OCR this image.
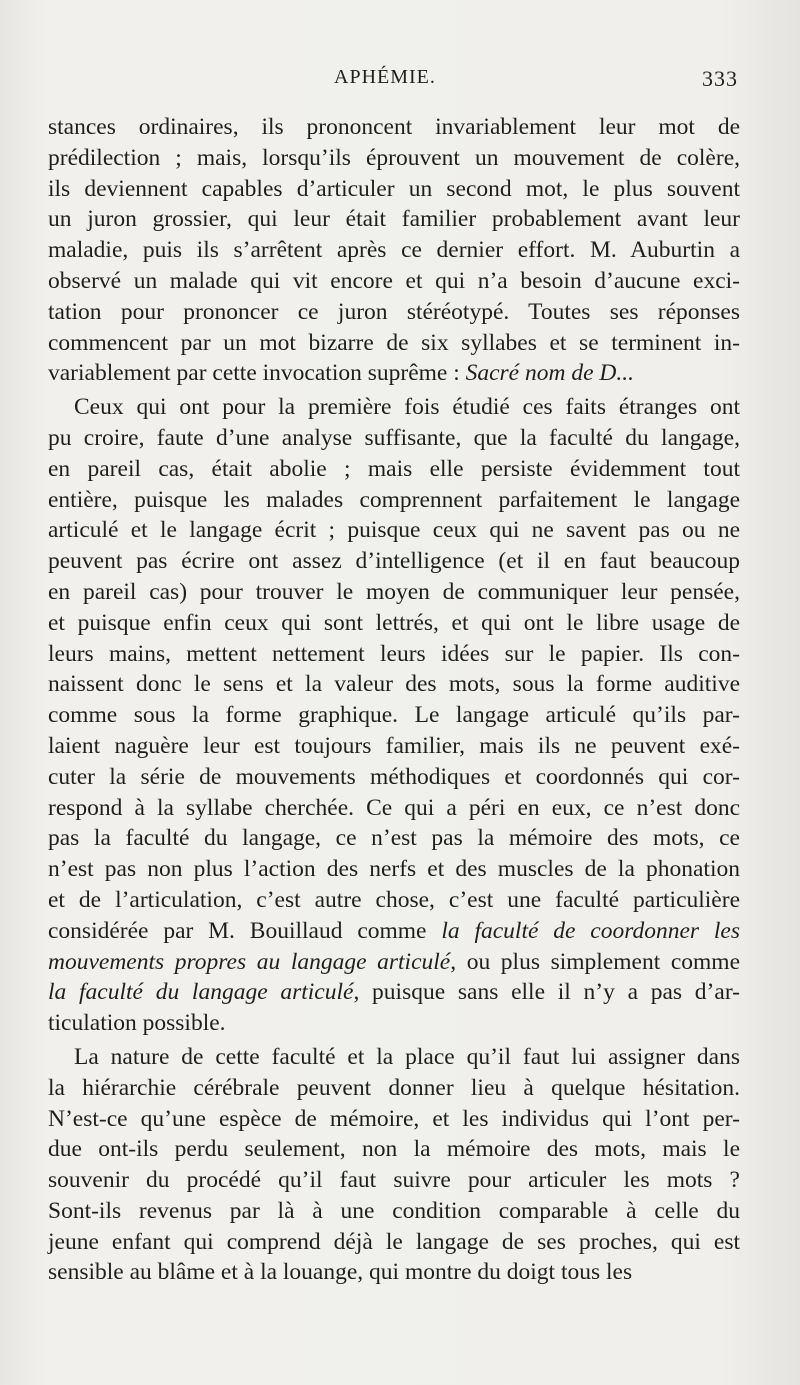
APHÉMIE.	333
stances ordinaires, ils prononcent invariablement leur mot de
prédilection ; mais, lorsqu’ils éprouvent un mouvement de colère,
ils deviennent capables d’articuler un second mot, le plus souvent
un juron grossier, qui leur était familier probablement avant leur
maladie, puis ils s’arrêtent après ce dernier effort. M. Auburtin a
observé un malade qui vit encore et qui n’a besoin d’aucune exci-
tation pour prononcer ce juron stéréotypé. Toutes ses réponses
commencent par un mot bizarre de six syllabes et se terminent in-
variablement par cette invocation suprême : Sacré nom de D...
Ceux qui ont pour la première fois étudié ces faits étranges ont
pu croire, faute d’une analyse suffisante, que la faculté du langage,
en pareil cas, était abolie ; mais elle persiste évidemment tout
entière, puisque les malades comprennent parfaitement le langage
articulé et le langage écrit ; puisque ceux qui ne savent pas ou ne
peuvent pas écrire ont assez d’intelligence (et il en faut beaucoup
en pareil cas) pour trouver le moyen de communiquer leur pensée,
et puisque enfin ceux qui sont lettrés, et qui ont le libre usage de
leurs mains, mettent nettement leurs idées sur le papier. Ils con-
naissent donc le sens et la valeur des mots, sous la forme auditive
comme sous la forme graphique. Le langage articulé qu’ils par-
laient naguère leur est toujours familier, mais ils ne peuvent exé-
cuter la série de mouvements méthodiques et coordonnés qui cor-
respond à la syllabe cherchée. Ce qui a péri en eux, ce n’est donc
pas la faculté du langage, ce n’est pas la mémoire des mots, ce
n’est pas non plus l’action des nerfs et des muscles de la phonation
et de l’articulation, c’est autre chose, c’est une faculté particulière
considérée par M. Bouillaud comme la faculté de coordonner les
mouvements propres au langage articulé, ou plus simplement comme
la faculté du langage articulé, puisque sans elle il n’y a pas d’ar-
ticulation possible.
La nature de cette faculté et la place qu’il faut lui assigner dans
la hiérarchie cérébrale peuvent donner lieu à quelque hésitation.
N’est-ce qu’une espèce de mémoire, et les individus qui l’ont per-
due ont-ils perdu seulement, non la mémoire des mots, mais le
souvenir du procédé qu’il faut suivre pour articuler les mots ?
Sont-ils revenus par là à une condition comparable à celle du
jeune enfant qui comprend déjà le langage de ses proches, qui est
sensible au blâme et à la louange, qui montre du doigt tous les
